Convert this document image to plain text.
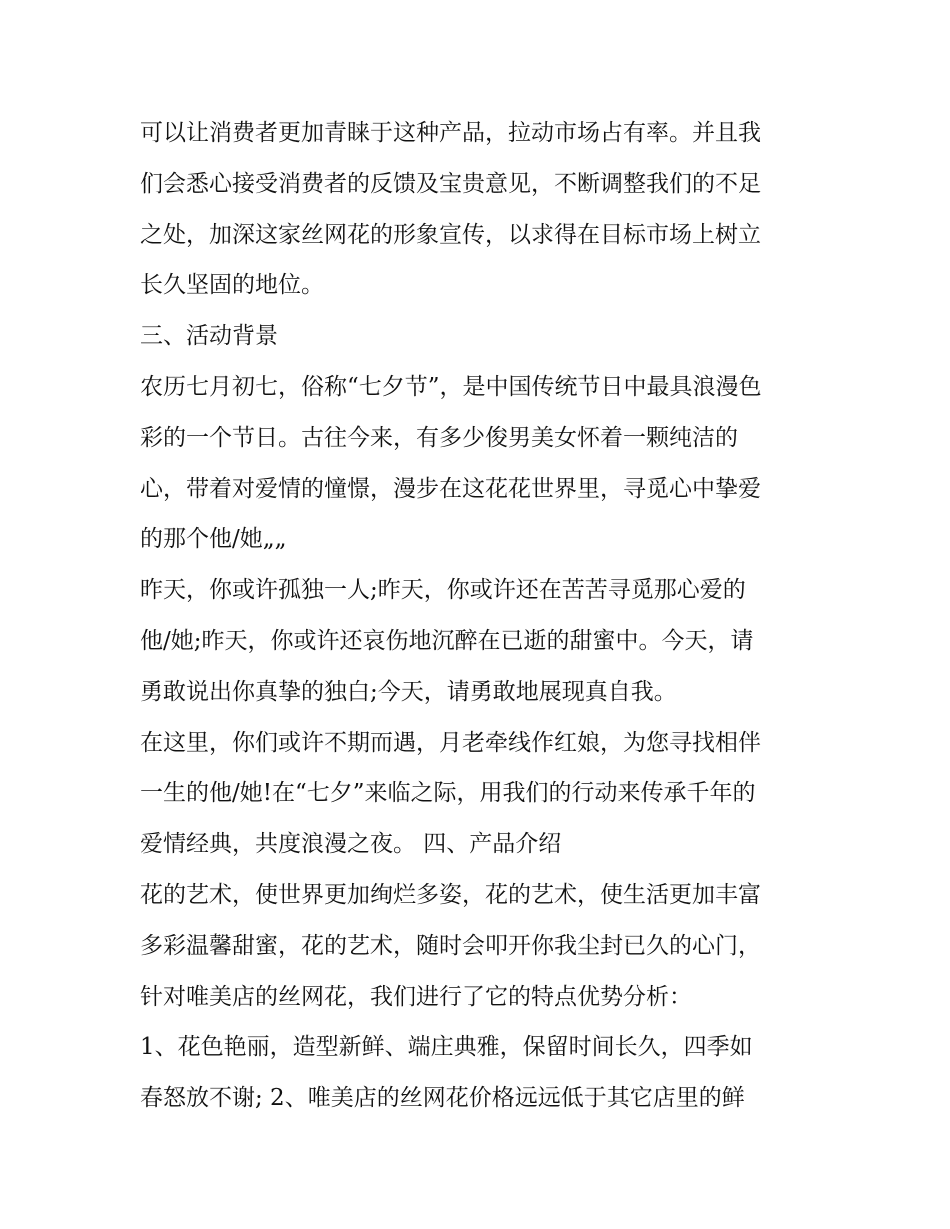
可以让消费者更加青睐于这种产品，拉动市场占有率。并且我
们会悉心接受消费者的反馈及宝贵意见，不断调整我们的不足
之处，加深这家丝网花的形象宣传，以求得在目标市场上树立
长久坚固的地位。
三、活动背景
农历七月初七，俗称“七夕节”，是中国传统节日中最具浪漫色
彩的一个节日。古往今来，有多少俊男美女怀着一颗纯洁的
心，带着对爱情的憧憬，漫步在这花花世界里，寻觅心中挚爱
的那个他/她„„
昨天，你或许孤独一人;昨天，你或许还在苦苦寻觅那心爱的
他/她;昨天，你或许还哀伤地沉醉在已逝的甜蜜中。今天，请
勇敢说出你真挚的独白;今天，请勇敢地展现真自我。
在这里，你们或许不期而遇，月老牵线作红娘，为您寻找相伴
一生的他/她!在“七夕”来临之际，用我们的行动来传承千年的
爱情经典，共度浪漫之夜。 四、产品介绍
花的艺术，使世界更加绚烂多姿，花的艺术，使生活更加丰富
多彩温馨甜蜜，花的艺术，随时会叩开你我尘封已久的心门，
针对唯美店的丝网花，我们进行了它的特点优势分析：
1、花色艳丽，造型新鲜、端庄典雅，保留时间长久，四季如
春怒放不谢; 2、唯美店的丝网花价格远远低于其它店里的鲜
